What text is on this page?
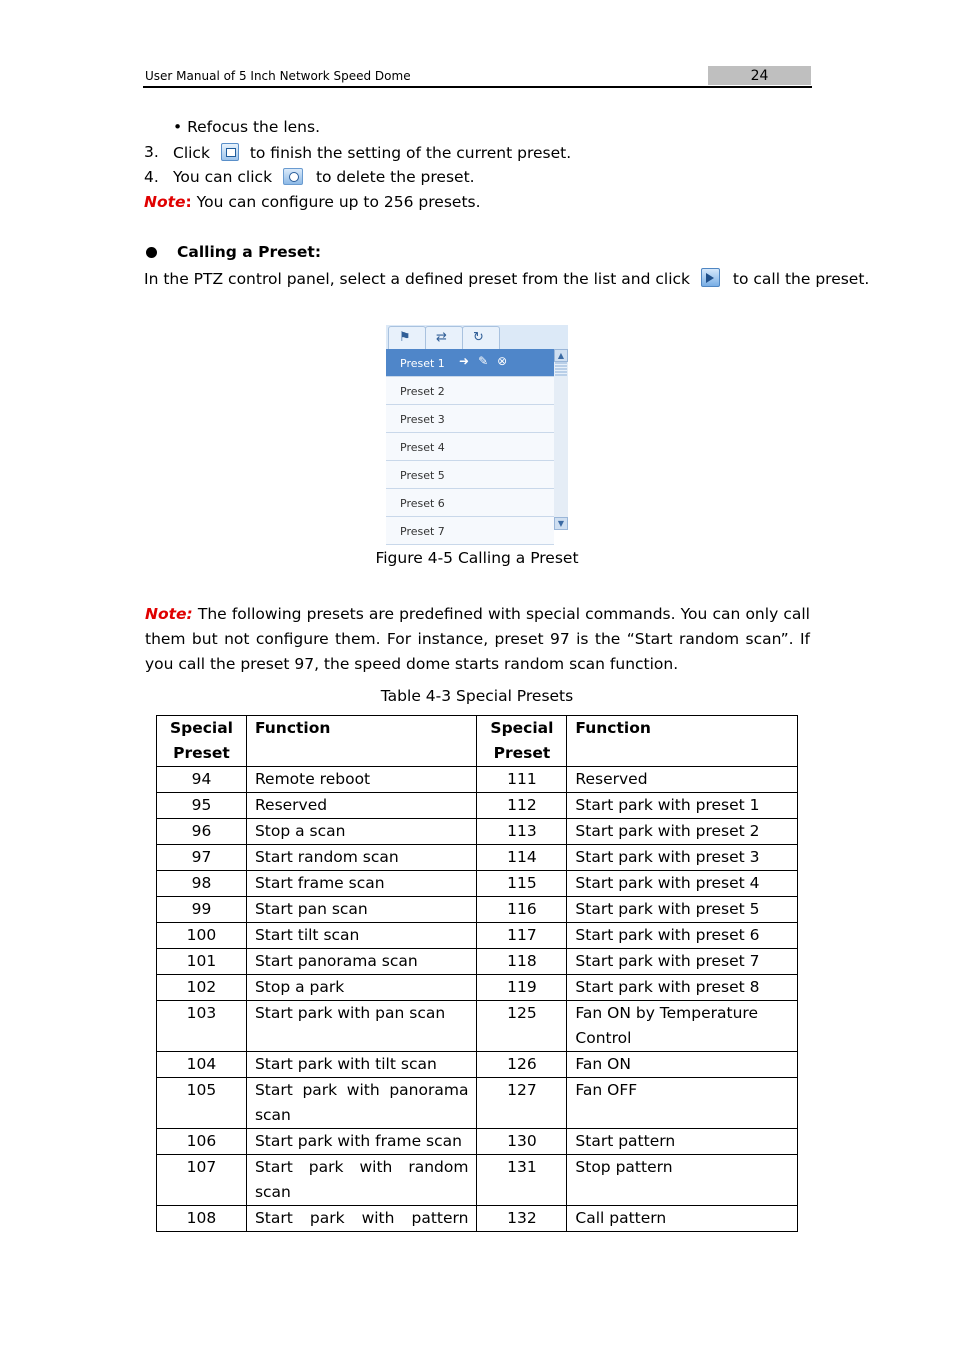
User Manual of 5 Inch Network Speed Dome	24
• Refocus the lens.
3. Click	to finish the setting of the current preset.
4. You can click	to delete the preset.
Note: You can configure up to 256 presets.
Calling a Preset:
In the PTZ control panel, select a defined preset from the list and click	to call the preset.
⚑ ⇄ ↻
Preset 1 ➜ ✎ ⊗
Preset 2
Preset 3
Preset 4
Preset 5
Preset 6
Preset 7
▲
▼
Figure 4-5 Calling a Preset
Note: The following presets are predefined with special commands. You can only call them but not configure them. For instance, preset 97 is the “Start random scan”. If you call the preset 97, the speed dome starts random scan function.
Table 4-3 Special Presets
Special Preset	Function	Special Preset	Function
94	Remote reboot	111	Reserved
95	Reserved	112	Start park with preset 1
96	Stop a scan	113	Start park with preset 2
97	Start random scan	114	Start park with preset 3
98	Start frame scan	115	Start park with preset 4
99	Start pan scan	116	Start park with preset 5
100	Start tilt scan	117	Start park with preset 6
101	Start panorama scan	118	Start park with preset 7
102	Stop a park	119	Start park with preset 8
103	Start park with pan scan	125	Fan ON by Temperature Control
104	Start park with tilt scan	126	Fan ON
105	Start park with panorama scan	127	Fan OFF
106	Start park with frame scan	130	Start pattern
107	Start park with random scan	131	Stop pattern
108	Start park with pattern	132	Call pattern
